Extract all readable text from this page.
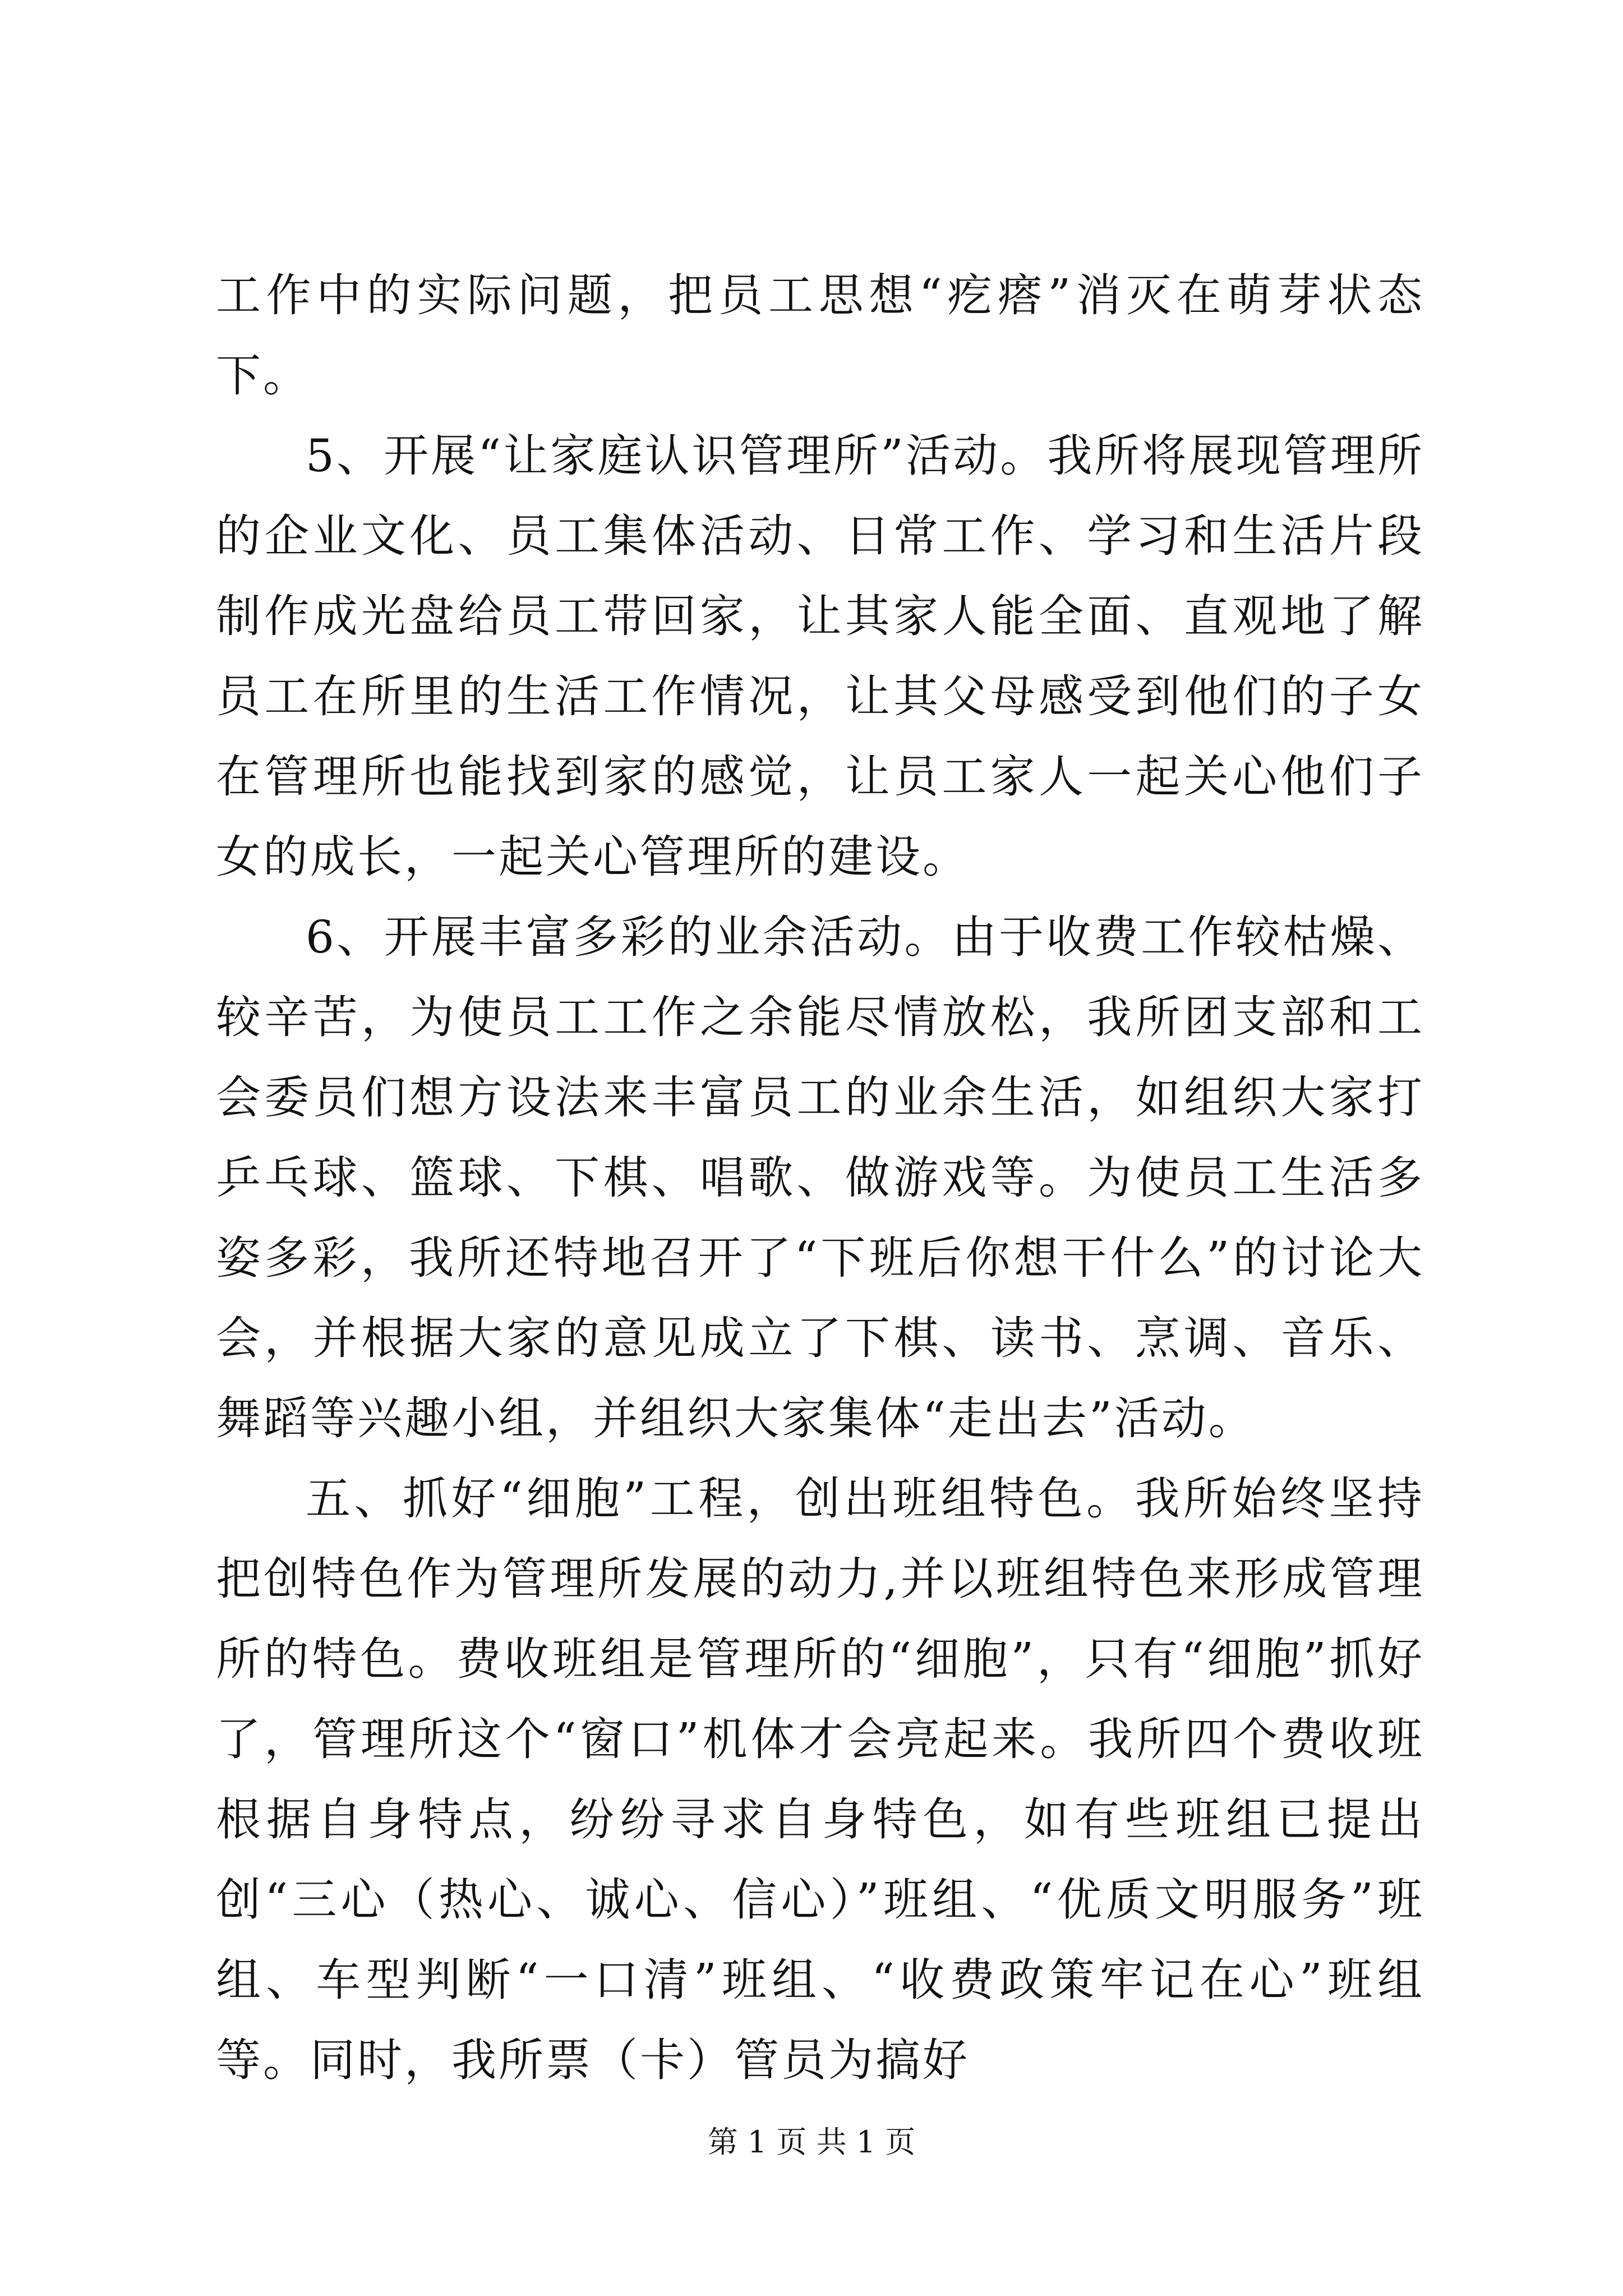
工作中的实际问题，把员工思想“疙瘩”消灭在萌芽状态下。

5、开展“让家庭认识管理所”活动。我所将展现管理所的企业文化、员工集体活动、日常工作、学习和生活片段制作成光盘给员工带回家，让其家人能全面、直观地了解员工在所里的生活工作情况，让其父母感受到他们的子女在管理所也能找到家的感觉，让员工家人一起关心他们子女的成长，一起关心管理所的建设。

6、开展丰富多彩的业余活动。由于收费工作较枯燥、较辛苦，为使员工工作之余能尽情放松，我所团支部和工会委员们想方设法来丰富员工的业余生活，如组织大家打乒乓球、篮球、下棋、唱歌、做游戏等。为使员工生活多姿多彩，我所还特地召开了“下班后你想干什么”的讨论大会，并根据大家的意见成立了下棋、读书、烹调、音乐、舞蹈等兴趣小组，并组织大家集体“走出去”活动。

五、抓好“细胞”工程，创出班组特色。我所始终坚持把创特色作为管理所发展的动力,并以班组特色来形成管理所的特色。费收班组是管理所的“细胞”，只有“细胞”抓好了，管理所这个“窗口”机体才会亮起来。我所四个费收班根据自身特点，纷纷寻求自身特色，如有些班组已提出创“三心（热心、诚心、信心）”班组、“优质文明服务”班组、车型判断“一口清”班组、“收费政策牢记在心”班组等。同时，我所票（卡）管员为搞好

第 1 页 共 1 页
